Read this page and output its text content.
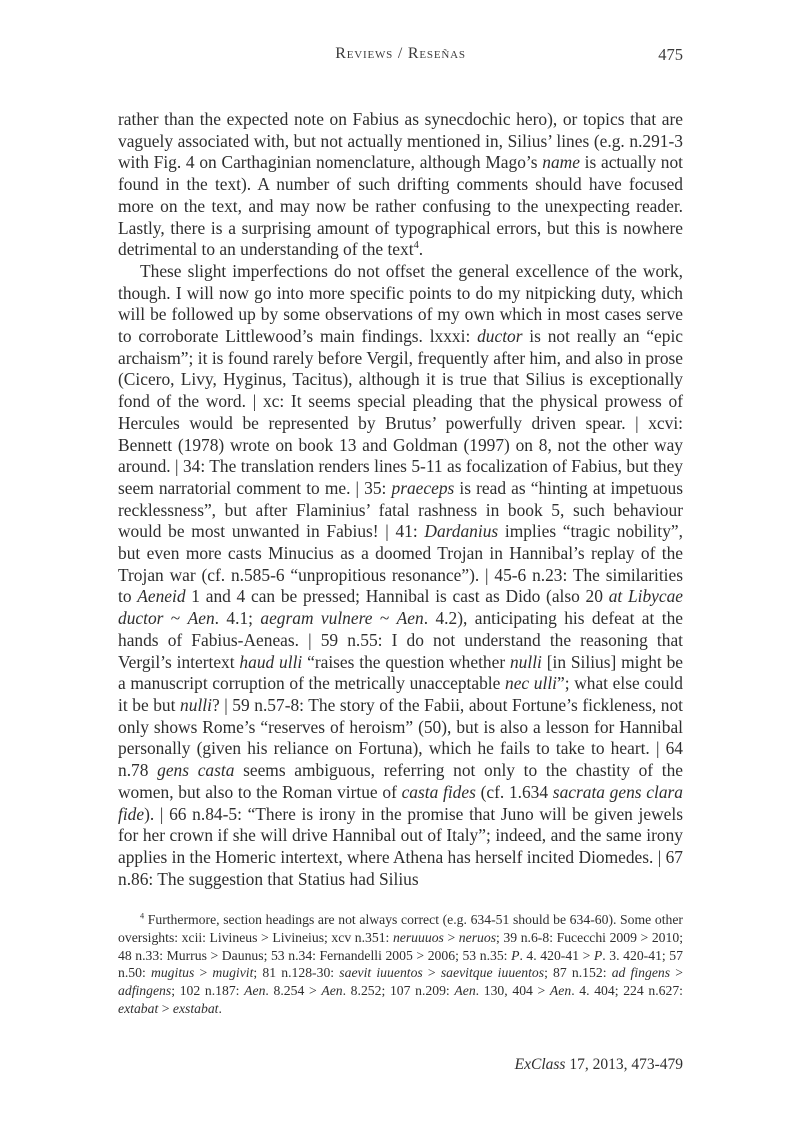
Reviews / Reseñas	475

rather than the expected note on Fabius as synecdochic hero), or topics that are vaguely associated with, but not actually mentioned in, Silius’ lines (e.g. n.291-3 with Fig. 4 on Carthaginian nomenclature, although Mago’s name is actually not found in the text). A number of such drifting comments should have focused more on the text, and may now be rather confusing to the unexpecting reader. Lastly, there is a surprising amount of typographical errors, but this is nowhere detrimental to an understanding of the text$^4$.

These slight imperfections do not offset the general excellence of the work, though. I will now go into more specific points to do my nitpicking duty, which will be followed up by some observations of my own which in most cases serve to corroborate Littlewood’s main findings. lxxxi: ductor is not really an “epic archaism”; it is found rarely before Vergil, frequently after him, and also in prose (Cicero, Livy, Hyginus, Tacitus), although it is true that Silius is exceptionally fond of the word. | xc: It seems special pleading that the physical prowess of Hercules would be represented by Brutus’ powerfully driven spear. | xcvi: Bennett (1978) wrote on book 13 and Goldman (1997) on 8, not the other way around. | 34: The translation renders lines 5-11 as focalization of Fabius, but they seem narratorial comment to me. | 35: praeceps is read as “hinting at impetuous recklessness”, but after Flaminius’ fatal rashness in book 5, such behaviour would be most unwanted in Fabius! | 41: Dardanius implies “tragic nobility”, but even more casts Minucius as a doomed Trojan in Hannibal’s replay of the Trojan war (cf. n.585-6 “unpropitious resonance”). | 45-6 n.23: The similarities to Aeneid 1 and 4 can be pressed; Hannibal is cast as Dido (also 20 at Libycae ductor ~ Aen. 4.1; aegram vulnere ~ Aen. 4.2), anticipating his defeat at the hands of Fabius-Aeneas. | 59 n.55: I do not understand the reasoning that Vergil’s intertext haud ulli “raises the question whether nulli [in Silius] might be a manuscript corruption of the metrically unacceptable nec ulli”; what else could it be but nulli? | 59 n.57-8: The story of the Fabii, about Fortune’s fickleness, not only shows Rome’s “reserves of heroism” (50), but is also a lesson for Hannibal personally (given his reliance on Fortuna), which he fails to take to heart. | 64 n.78 gens casta seems ambiguous, referring not only to the chastity of the women, but also to the Roman virtue of casta fides (cf. 1.634 sacrata gens clara fide). | 66 n.84-5: “There is irony in the promise that Juno will be given jewels for her crown if she will drive Hannibal out of Italy”; indeed, and the same irony applies in the Homeric intertext, where Athena has herself incited Diomedes. | 67 n.86: The suggestion that Statius had Silius

$^4$ Furthermore, section headings are not always correct (e.g. 634-51 should be 634-60). Some other oversights: xcii: Livineus > Livineius; xcv n.351: neruuuos > neruos; 39 n.6-8: Fucecchi 2009 > 2010; 48 n.33: Murrus > Daunus; 53 n.34: Fernandelli 2005 > 2006; 53 n.35: P. 4. 420-41 > P. 3. 420-41; 57 n.50: mugitus > mugivit; 81 n.128-30: saevit iuuentos > saevitque iuuentos; 87 n.152: ad fingens > adfingens; 102 n.187: Aen. 8.254 > Aen. 8.252; 107 n.209: Aen. 130, 404 > Aen. 4. 404; 224 n.627: extabat > exstabat.
ExClass 17, 2013, 473-479
